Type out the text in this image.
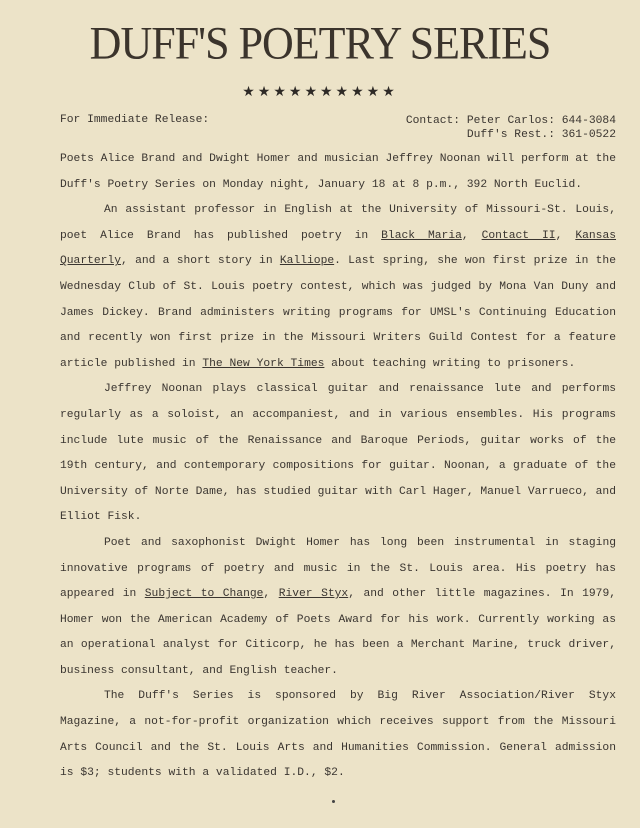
DUFF'S POETRY SERIES
★★★★★★★★★★
For Immediate Release:	Contact: Peter Carlos: 644-3084
Duff's Rest.: 361-0522

Poets Alice Brand and Dwight Homer and musician Jeffrey Noonan will perform at the Duff's Poetry Series on Monday night, January 18 at 8 p.m., 392 North Euclid.

An assistant professor in English at the University of Missouri-St. Louis, poet Alice Brand has published poetry in Black Maria, Contact II, Kansas Quarterly, and a short story in Kalliope. Last spring, she won first prize in the Wednesday Club of St. Louis poetry contest, which was judged by Mona Van Duny and James Dickey. Brand administers writing programs for UMSL's Continuing Education and recently won first prize in the Missouri Writers Guild Contest for a feature article published in The New York Times about teaching writing to prisoners.

Jeffrey Noonan plays classical guitar and renaissance lute and performs regularly as a soloist, an accompaniest, and in various ensembles. His programs include lute music of the Renaissance and Baroque Periods, guitar works of the 19th century, and contemporary compositions for guitar. Noonan, a graduate of the University of Norte Dame, has studied guitar with Carl Hager, Manuel Varrueco, and Elliot Fisk.

Poet and saxophonist Dwight Homer has long been instrumental in staging innovative programs of poetry and music in the St. Louis area. His poetry has appeared in Subject to Change, River Styx, and other little magazines. In 1979, Homer won the American Academy of Poets Award for his work. Currently working as an operational analyst for Citicorp, he has been a Merchant Marine, truck driver, business consultant, and English teacher.

The Duff's Series is sponsored by Big River Association/River Styx Magazine, a not-for-profit organization which receives support from the Missouri Arts Council and the St. Louis Arts and Humanities Commission. General admission is $3; students with a validated I.D., $2.
